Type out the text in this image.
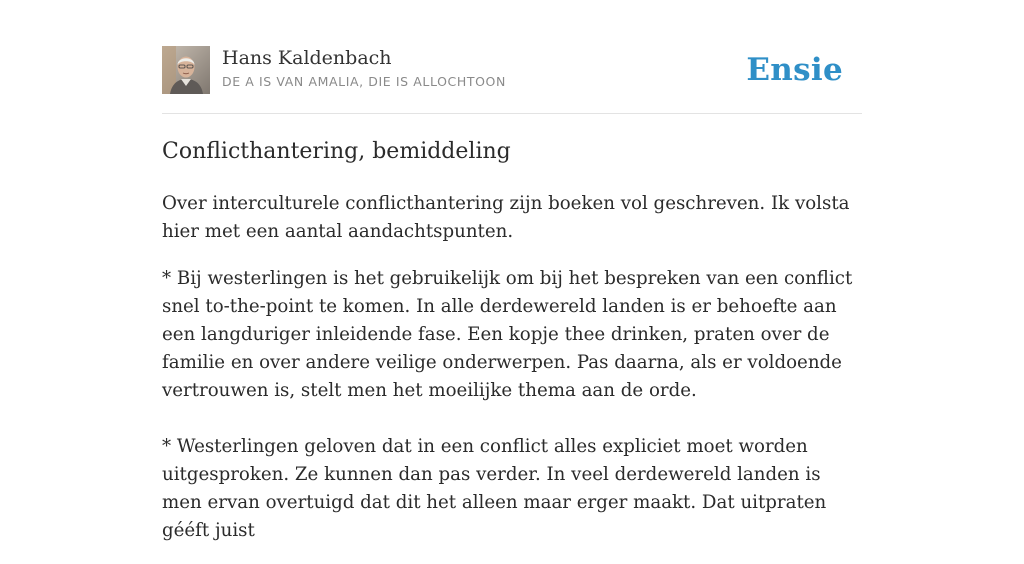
Hans Kaldenbach
DE A IS VAN AMALIA, DIE IS ALLOCHTOON	Ensie
Conflicthantering, bemiddeling

Over interculturele conflicthantering zijn boeken vol geschreven. Ik volsta hier met een aantal aandachtspunten.

* Bij westerlingen is het gebruikelijk om bij het bespreken van een conflict snel to-the-point te komen. In alle derdewereld landen is er behoefte aan een langduriger inleidende fase. Een kopje thee drinken, praten over de familie en over andere veilige onderwerpen. Pas daarna, als er voldoende vertrouwen is, stelt men het moeilijke thema aan de orde.

* Westerlingen geloven dat in een conflict alles expliciet moet worden uitgesproken. Ze kunnen dan pas verder. In veel derdewereld landen is men ervan overtuigd dat dit het alleen maar erger maakt. Dat uitpraten gééft juist
